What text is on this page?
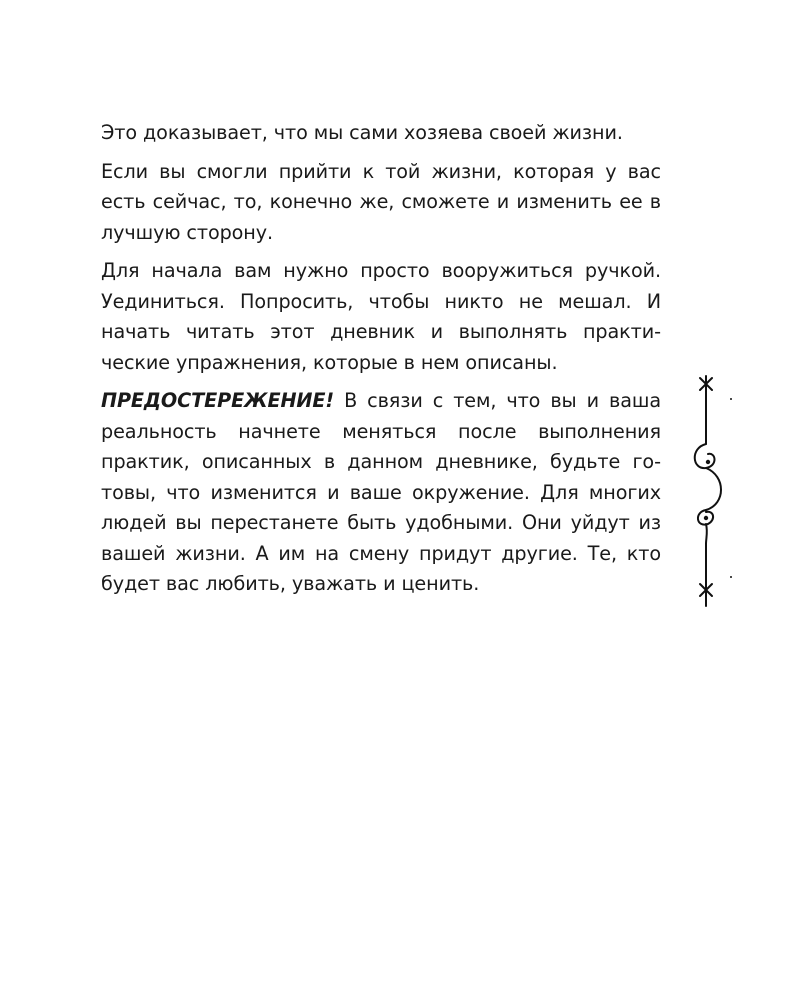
Это доказывает, что мы сами хозяева своей жизни.

Если вы смогли прийти к той жизни, которая у вас есть сейчас, то, конечно же, сможете и изменить ее в лучшую сторону.

Для начала вам нужно просто вооружиться ручкой. Уединиться. Попросить, чтобы никто не мешал. И начать читать этот дневник и выполнять практические упражнения, которые в нем описаны.

ПРЕДОСТЕРЕЖЕНИЕ! В связи с тем, что вы и ваша реальность начнете меняться после выполнения практик, описанных в данном дневнике, будьте готовы, что изменится и ваше окружение. Для многих людей вы перестанете быть удобными. Они уйдут из вашей жизни. А им на смену придут другие. Те, кто будет вас любить, уважать и ценить.
